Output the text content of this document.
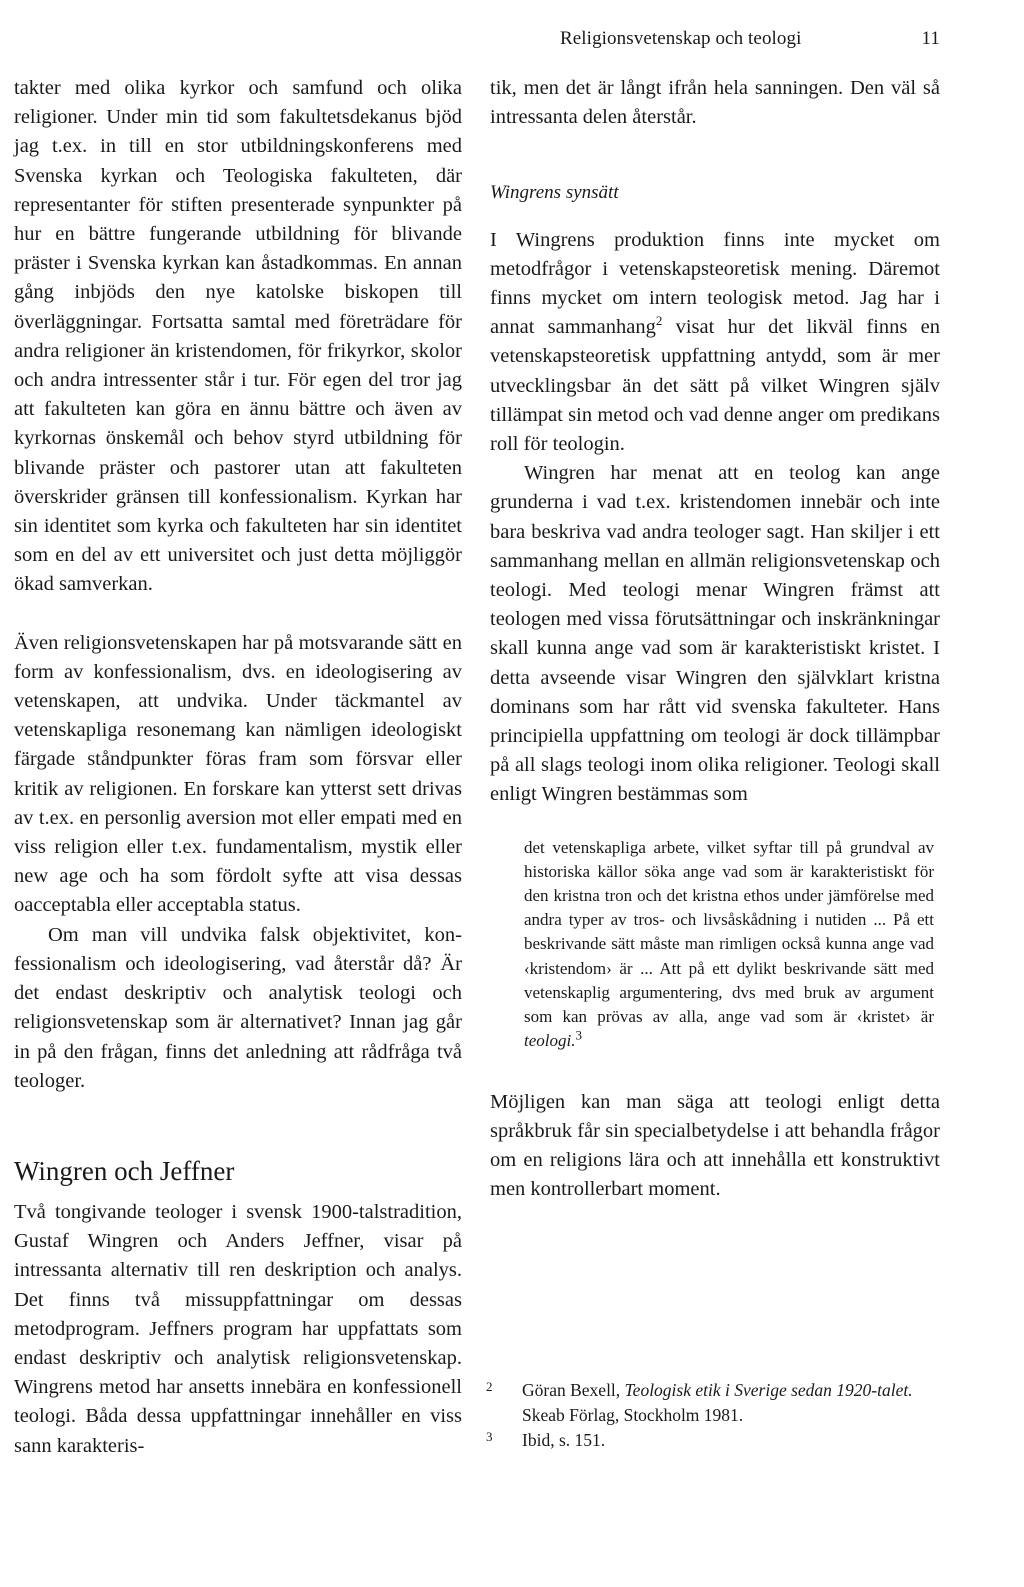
Religionsvetenskap och teologi	11

takter med olika kyrkor och samfund och olika religioner. Under min tid som fakultetsdekanus bjöd jag t.ex. in till en stor utbildningskonferens med Svenska kyrkan och Teologiska fakulteten, där representanter för stiften presenterade synpunkter på hur en bättre fungerande utbildning för blivande präster i Svenska kyrkan kan åstadkommas. En annan gång inbjöds den nye katolske biskopen till överläggningar. Fortsatta samtal med företrädare för andra religioner än kristendomen, för frikyrkor, skolor och andra intressenter står i tur. För egen del tror jag att fakulteten kan göra en ännu bättre och även av kyrkornas önskemål och behov styrd utbildning för blivande präster och pastorer utan att fakulteten överskrider gränsen till konfessionalism. Kyrkan har sin identitet som kyrka och fakulteten har sin identitet som en del av ett universitet och just detta möjliggör ökad samverkan.

Även religionsvetenskapen har på motsvarande sätt en form av konfessionalism, dvs. en ideologisering av vetenskapen, att undvika. Under täckmantel av vetenskapliga resonemang kan nämligen ideologiskt färgade ståndpunkter föras fram som försvar eller kritik av religionen. En forskare kan ytterst sett drivas av t.ex. en personlig aversion mot eller empati med en viss religion eller t.ex. fundamentalism, mystik eller new age och ha som fördolt syfte att visa dessas oacceptabla eller acceptabla status.

Om man vill undvika falsk objektivitet, konfessionalism och ideologisering, vad återstår då? Är det endast deskriptiv och analytisk teologi och religionsvetenskap som är alternativet? Innan jag går in på den frågan, finns det anledning att rådfråga två teologer.

Wingren och Jeffner

Två tongivande teologer i svensk 1900-talstradition, Gustaf Wingren och Anders Jeffner, visar på intressanta alternativ till ren deskription och analys. Det finns två missuppfattningar om dessas metodprogram. Jeffners program har uppfattats som endast deskriptiv och analytisk religionsvetenskap. Wingrens metod har ansetts innebära en konfessionell teologi. Båda dessa uppfattningar innehåller en viss sann karakteris-

tik, men det är långt ifrån hela sanningen. Den väl så intressanta delen återstår.

Wingrens synsätt

I Wingrens produktion finns inte mycket om metodfrågor i vetenskapsteoretisk mening. Däremot finns mycket om intern teologisk metod. Jag har i annat sammanhang$^2$ visat hur det likväl finns en vetenskapsteoretisk uppfattning antydd, som är mer utvecklingsbar än det sätt på vilket Wingren själv tillämpat sin metod och vad denne anger om predikans roll för teologin.

Wingren har menat att en teolog kan ange grunderna i vad t.ex. kristendomen innebär och inte bara beskriva vad andra teologer sagt. Han skiljer i ett sammanhang mellan en allmän religionsvetenskap och teologi. Med teologi menar Wingren främst att teologen med vissa förutsättningar och inskränkningar skall kunna ange vad som är karakteristiskt kristet. I detta avseende visar Wingren den självklart kristna dominans som har rått vid svenska fakulteter. Hans principiella uppfattning om teologi är dock tillämpbar på all slags teologi inom olika religioner. Teologi skall enligt Wingren bestämmas som

det vetenskapliga arbete, vilket syftar till på grundval av historiska källor söka ange vad som är karakteristiskt för den kristna tron och det kristna ethos under jämförelse med andra typer av tros- och livsåskådning i nutiden ... På ett beskrivande sätt måste man rimligen också kunna ange vad ‹kristendom› är ... Att på ett dylikt beskrivande sätt med vetenskaplig argumentering, dvs med bruk av argument som kan prövas av alla, ange vad som är ‹kristet› är teologi.$^3$

Möjligen kan man säga att teologi enligt detta språkbruk får sin specialbetydelse i att behandla frågor om en religions lära och att innehålla ett konstruktivt men kontrollerbart moment.

2	Göran Bexell, Teologisk etik i Sverige sedan 1920-talet. Skeab Förlag, Stockholm 1981.
3	Ibid, s. 151.
